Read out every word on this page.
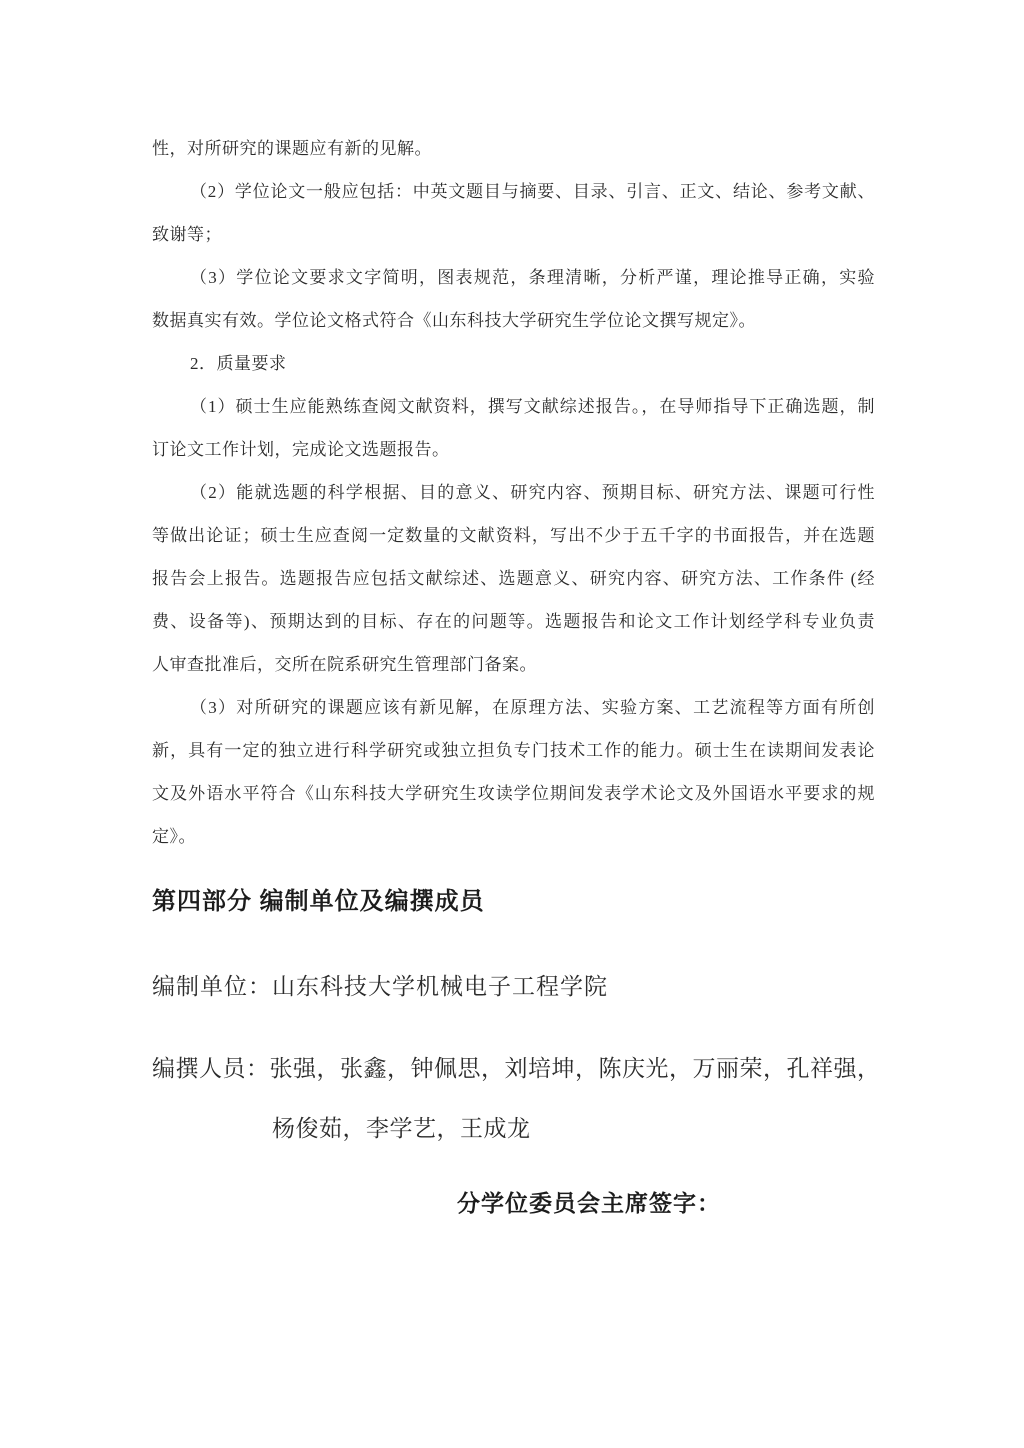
性，对所研究的课题应有新的见解。
（2）学位论文一般应包括：中英文题目与摘要、目录、引言、正文、结论、参考文献、
致谢等；
（3）学位论文要求文字简明，图表规范，条理清晰，分析严谨，理论推导正确，实验
数据真实有效。学位论文格式符合《山东科技大学研究生学位论文撰写规定》。
2．质量要求
（1）硕士生应能熟练查阅文献资料，撰写文献综述报告。，在导师指导下正确选题，制
订论文工作计划，完成论文选题报告。
（2）能就选题的科学根据、目的意义、研究内容、预期目标、研究方法、课题可行性
等做出论证；硕士生应查阅一定数量的文献资料，写出不少于五千字的书面报告，并在选题
报告会上报告。选题报告应包括文献综述、选题意义、研究内容、研究方法、工作条件 (经
费、设备等)、预期达到的目标、存在的问题等。选题报告和论文工作计划经学科专业负责
人审查批准后，交所在院系研究生管理部门备案。
（3）对所研究的课题应该有新见解，在原理方法、实验方案、工艺流程等方面有所创
新，具有一定的独立进行科学研究或独立担负专门技术工作的能力。硕士生在读期间发表论
文及外语水平符合《山东科技大学研究生攻读学位期间发表学术论文及外国语水平要求的规
定》。
第四部分 编制单位及编撰成员
编制单位：山东科技大学机械电子工程学院
编撰人员：张强，张鑫，钟佩思，刘培坤，陈庆光，万丽荣，孔祥强，
杨俊茹，李学艺，王成龙
分学位委员会主席签字：
